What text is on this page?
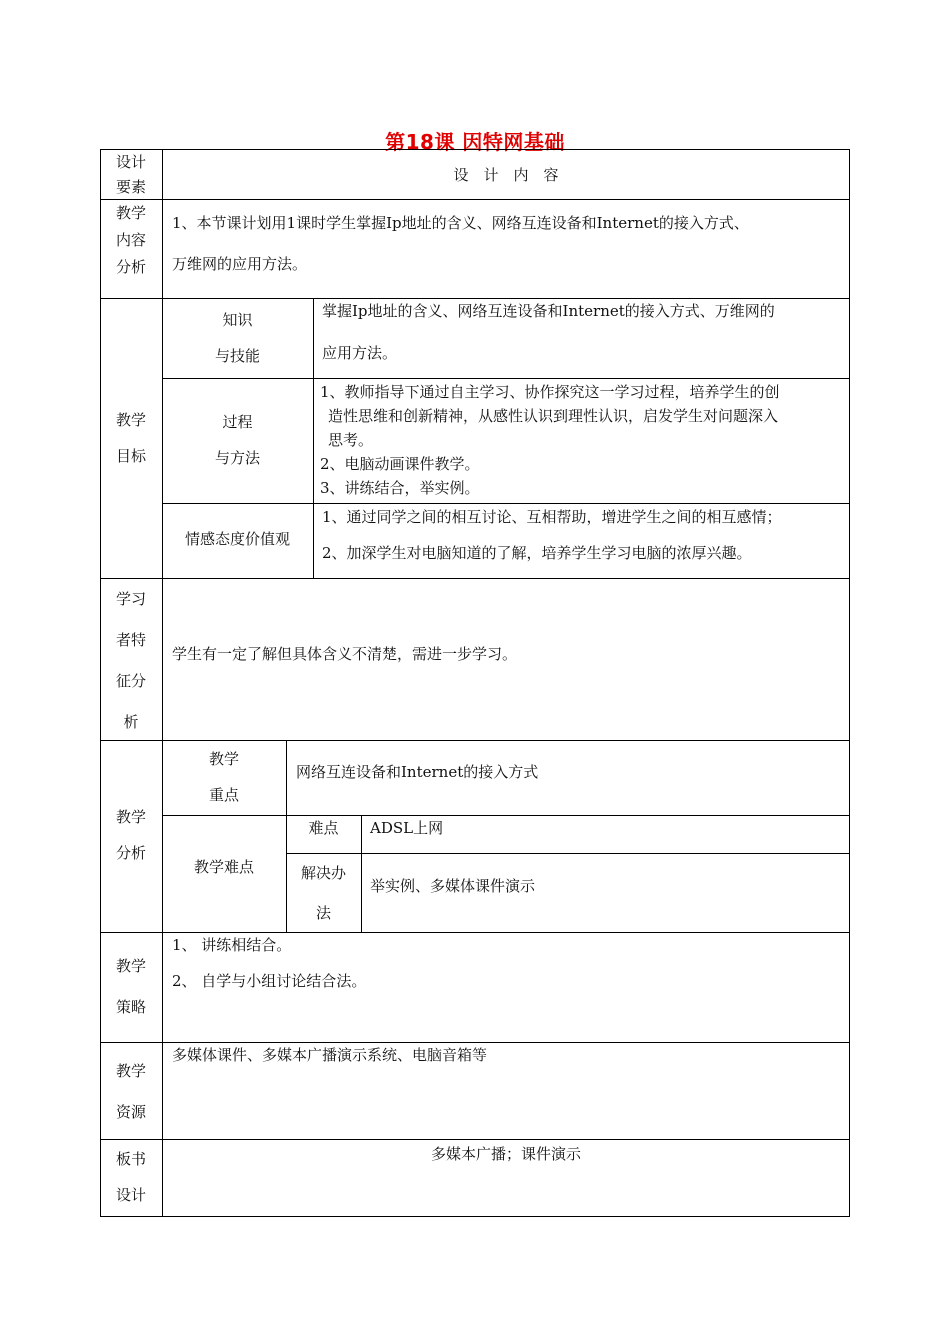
第18课 因特网基础
设计
要素
设　计　内　容
教学
内容
分析
1、本节课计划用1课时学生掌握Ip地址的含义、网络互连设备和Internet的接入方式、
万维网的应用方法。
教学
目标
知识
与技能
掌握Ip地址的含义、网络互连设备和Internet的接入方式、万维网的
应用方法。
过程
与方法
1、教师指导下通过自主学习、协作探究这一学习过程，培养学生的创
造性思维和创新精神，从感性认识到理性认识，启发学生对问题深入
思考。
2、电脑动画课件教学。
3、讲练结合，举实例。
情感态度价值观
1、通过同学之间的相互讨论、互相帮助，增进学生之间的相互感情；
2、加深学生对电脑知道的了解，培养学生学习电脑的浓厚兴趣。
学习
者特
征分
析
学生有一定了解但具体含义不清楚，需进一步学习。
教学
分析
教学
重点
网络互连设备和Internet的接入方式
教学难点
难点	ADSL上网
解决办
法
举实例、多媒体课件演示
教学
策略
1、 讲练相结合。
2、 自学与小组讨论结合法。
教学
资源
多媒体课件、多媒本广播演示系统、电脑音箱等
板书
设计
多媒本广播；课件演示
